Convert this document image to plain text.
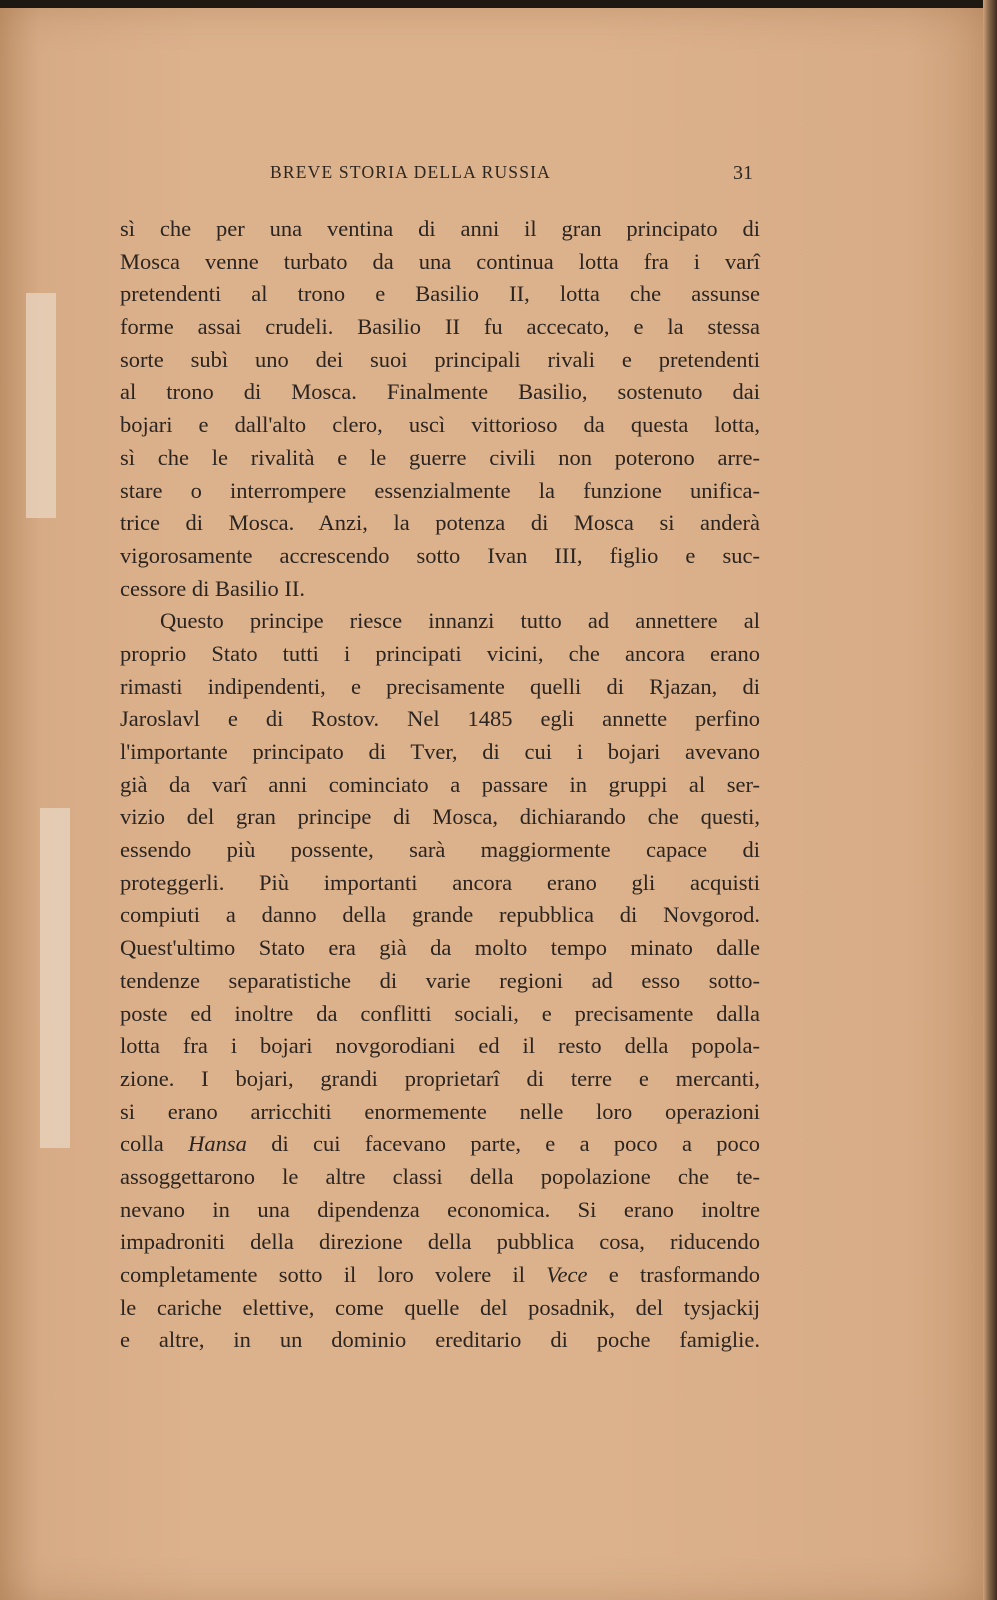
BREVE STORIA DELLA RUSSIA	31
sì che per una ventina di anni il gran principato di
Mosca venne turbato da una continua lotta fra i varî
pretendenti al trono e Basilio II, lotta che assunse
forme assai crudeli. Basilio II fu accecato, e la stessa
sorte subì uno dei suoi principali rivali e pretendenti
al trono di Mosca. Finalmente Basilio, sostenuto dai
bojari e dall'alto clero, uscì vittorioso da questa lotta,
sì che le rivalità e le guerre civili non poterono arre-
stare o interrompere essenzialmente la funzione unifica-
trice di Mosca. Anzi, la potenza di Mosca si anderà
vigorosamente accrescendo sotto Ivan III, figlio e suc-
cessore di Basilio II.
Questo principe riesce innanzi tutto ad annettere al
proprio Stato tutti i principati vicini, che ancora erano
rimasti indipendenti, e precisamente quelli di Rjazan, di
Jaroslavl e di Rostov. Nel 1485 egli annette perfino
l'importante principato di Tver, di cui i bojari avevano
già da varî anni cominciato a passare in gruppi al ser-
vizio del gran principe di Mosca, dichiarando che questi,
essendo più possente, sarà maggiormente capace di
proteggerli. Più importanti ancora erano gli acquisti
compiuti a danno della grande repubblica di Novgorod.
Quest'ultimo Stato era già da molto tempo minato dalle
tendenze separatistiche di varie regioni ad esso sotto-
poste ed inoltre da conflitti sociali, e precisamente dalla
lotta fra i bojari novgorodiani ed il resto della popola-
zione. I bojari, grandi proprietarî di terre e mercanti,
si erano arricchiti enormemente nelle loro operazioni
colla Hansa di cui facevano parte, e a poco a poco
assoggettarono le altre classi della popolazione che te-
nevano in una dipendenza economica. Si erano inoltre
impadroniti della direzione della pubblica cosa, riducendo
completamente sotto il loro volere il Vece e trasformando
le cariche elettive, come quelle del posadnik, del tysjackij
e altre, in un dominio ereditario di poche famiglie.
